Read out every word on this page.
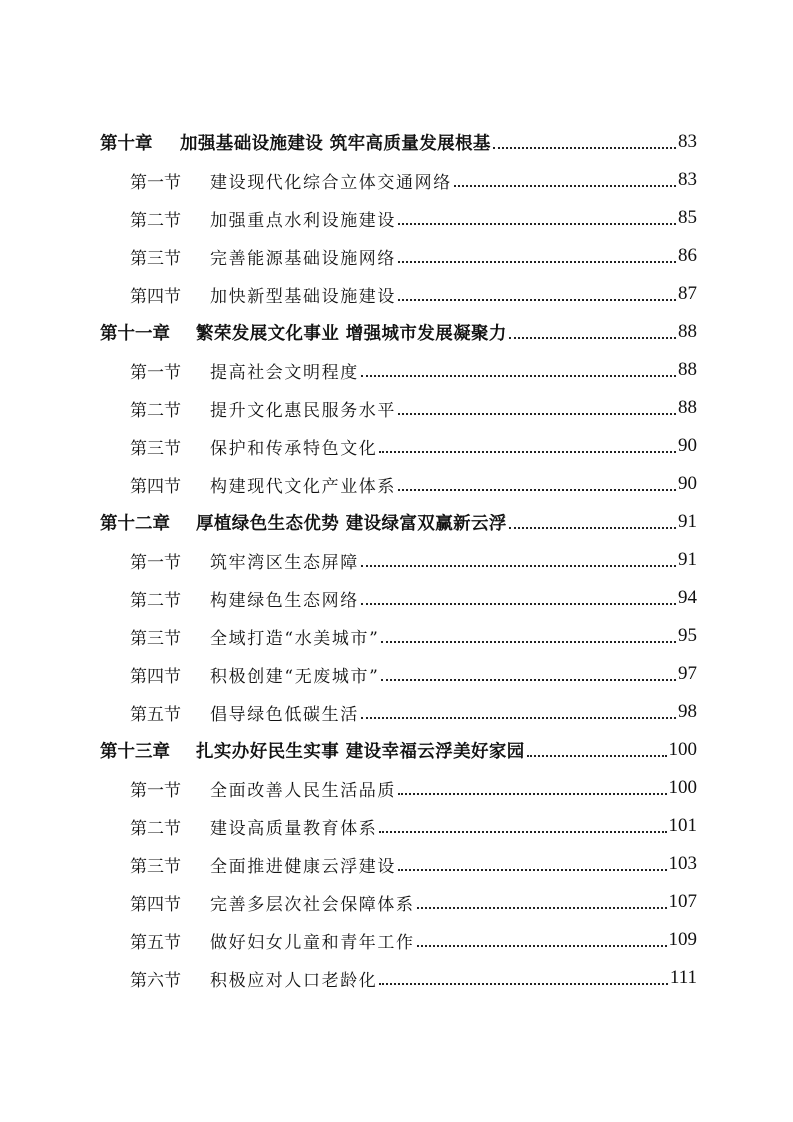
第十章	加强基础设施建设 筑牢高质量发展根基	83
第一节	建设现代化综合立体交通网络	83
第二节	加强重点水利设施建设	85
第三节	完善能源基础设施网络	86
第四节	加快新型基础设施建设	87
第十一章	繁荣发展文化事业 增强城市发展凝聚力	88
第一节	提高社会文明程度	88
第二节	提升文化惠民服务水平	88
第三节	保护和传承特色文化	90
第四节	构建现代文化产业体系	90
第十二章	厚植绿色生态优势 建设绿富双赢新云浮	91
第一节	筑牢湾区生态屏障	91
第二节	构建绿色生态网络	94
第三节	全域打造“水美城市”	95
第四节	积极创建“无废城市”	97
第五节	倡导绿色低碳生活	98
第十三章	扎实办好民生实事 建设幸福云浮美好家园	100
第一节	全面改善人民生活品质	100
第二节	建设高质量教育体系	101
第三节	全面推进健康云浮建设	103
第四节	完善多层次社会保障体系	107
第五节	做好妇女儿童和青年工作	109
第六节	积极应对人口老龄化	111
